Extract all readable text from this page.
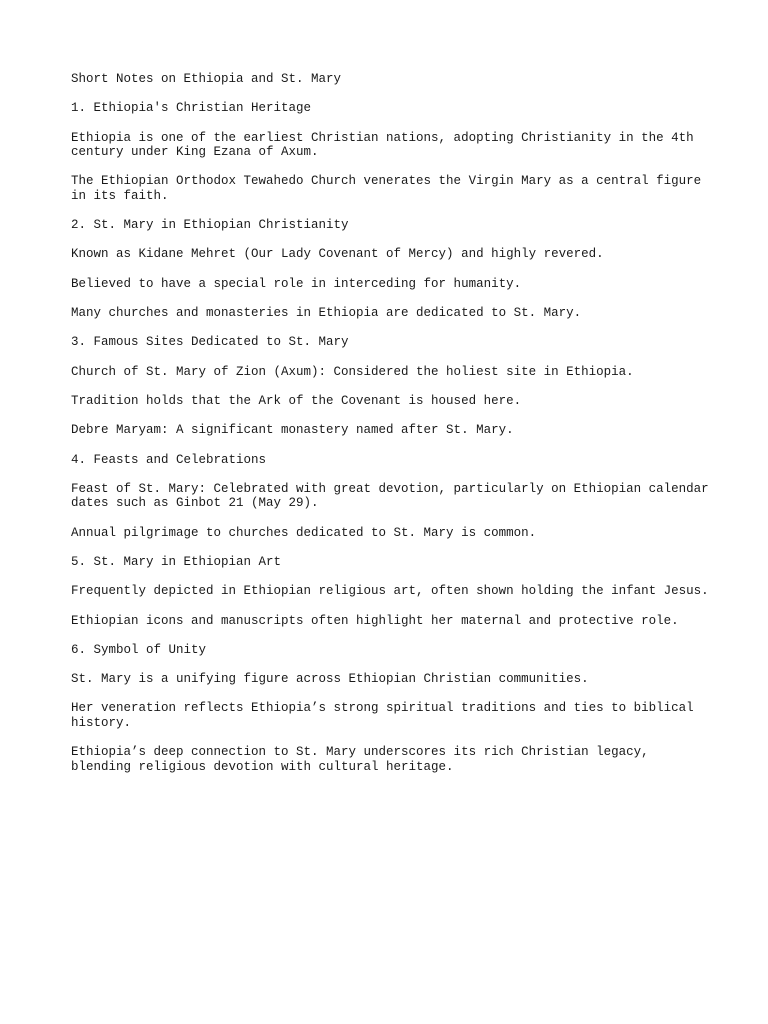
Short Notes on Ethiopia and St. Mary

1. Ethiopia's Christian Heritage

Ethiopia is one of the earliest Christian nations, adopting Christianity in the 4th century under King Ezana of Axum.

The Ethiopian Orthodox Tewahedo Church venerates the Virgin Mary as a central figure in its faith.

2. St. Mary in Ethiopian Christianity

Known as Kidane Mehret (Our Lady Covenant of Mercy) and highly revered.

Believed to have a special role in interceding for humanity.

Many churches and monasteries in Ethiopia are dedicated to St. Mary.

3. Famous Sites Dedicated to St. Mary

Church of St. Mary of Zion (Axum): Considered the holiest site in Ethiopia.

Tradition holds that the Ark of the Covenant is housed here.

Debre Maryam: A significant monastery named after St. Mary.

4. Feasts and Celebrations

Feast of St. Mary: Celebrated with great devotion, particularly on Ethiopian calendar dates such as Ginbot 21 (May 29).

Annual pilgrimage to churches dedicated to St. Mary is common.

5. St. Mary in Ethiopian Art

Frequently depicted in Ethiopian religious art, often shown holding the infant Jesus.

Ethiopian icons and manuscripts often highlight her maternal and protective role.

6. Symbol of Unity

St. Mary is a unifying figure across Ethiopian Christian communities.

Her veneration reflects Ethiopia’s strong spiritual traditions and ties to biblical history.

Ethiopia’s deep connection to St. Mary underscores its rich Christian legacy, blending religious devotion with cultural heritage.
